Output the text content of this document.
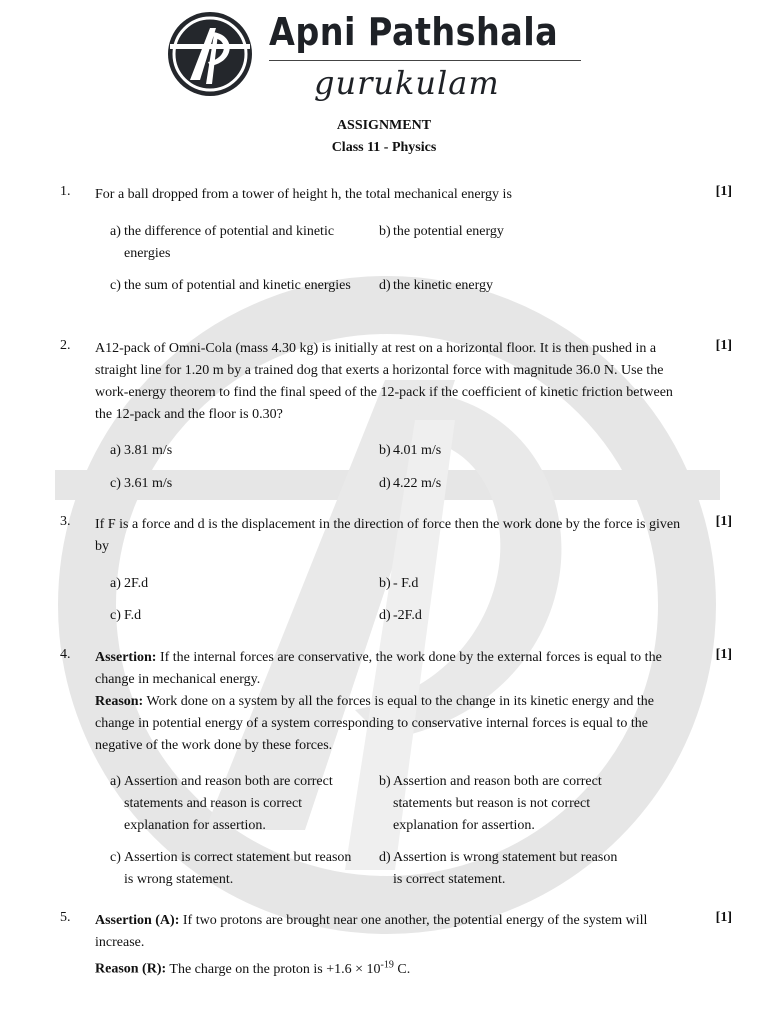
Apni Pathshala
gurukulam
ASSIGNMENT
Class 11 - Physics
1. For a ball dropped from a tower of height h, the total mechanical energy is	[1]
a) the difference of potential and kinetic energies
b) the potential energy
c) the sum of potential and kinetic energies	d) the kinetic energy
2. A12-pack of Omni-Cola (mass 4.30 kg) is initially at rest on a horizontal floor. It is then pushed in a straight line for 1.20 m by a trained dog that exerts a horizontal force with magnitude 36.0 N. Use the work-energy theorem to find the final speed of the 12-pack if the coefficient of kinetic friction between the 12-pack and the floor is 0.30?
[1]
a) 3.81 m/s	b) 4.01 m/s
c) 3.61 m/s	d) 4.22 m/s
3. If F is a force and d is the displacement in the direction of force then the work done by the force is given by
[1]
a) 2F.d	b) - F.d
c) F.d	d) -2F.d
4. Assertion: If the internal forces are conservative, the work done by the external forces is equal to the change in mechanical energy.
Reason: Work done on a system by all the forces is equal to the change in its kinetic energy and the change in potential energy of a system corresponding to conservative internal forces is equal to the negative of the work done by these forces.
[1]
a) Assertion and reason both are correct statements and reason is correct explanation for assertion.
b) Assertion and reason both are correct statements but reason is not correct explanation for assertion.
c) Assertion is correct statement but reason is wrong statement.
d) Assertion is wrong statement but reason is correct statement.
5. Assertion (A): If two protons are brought near one another, the potential energy of the system will increase.
Reason (R): The charge on the proton is $+1.6 \times 10^{-19}$ C.
[1]
